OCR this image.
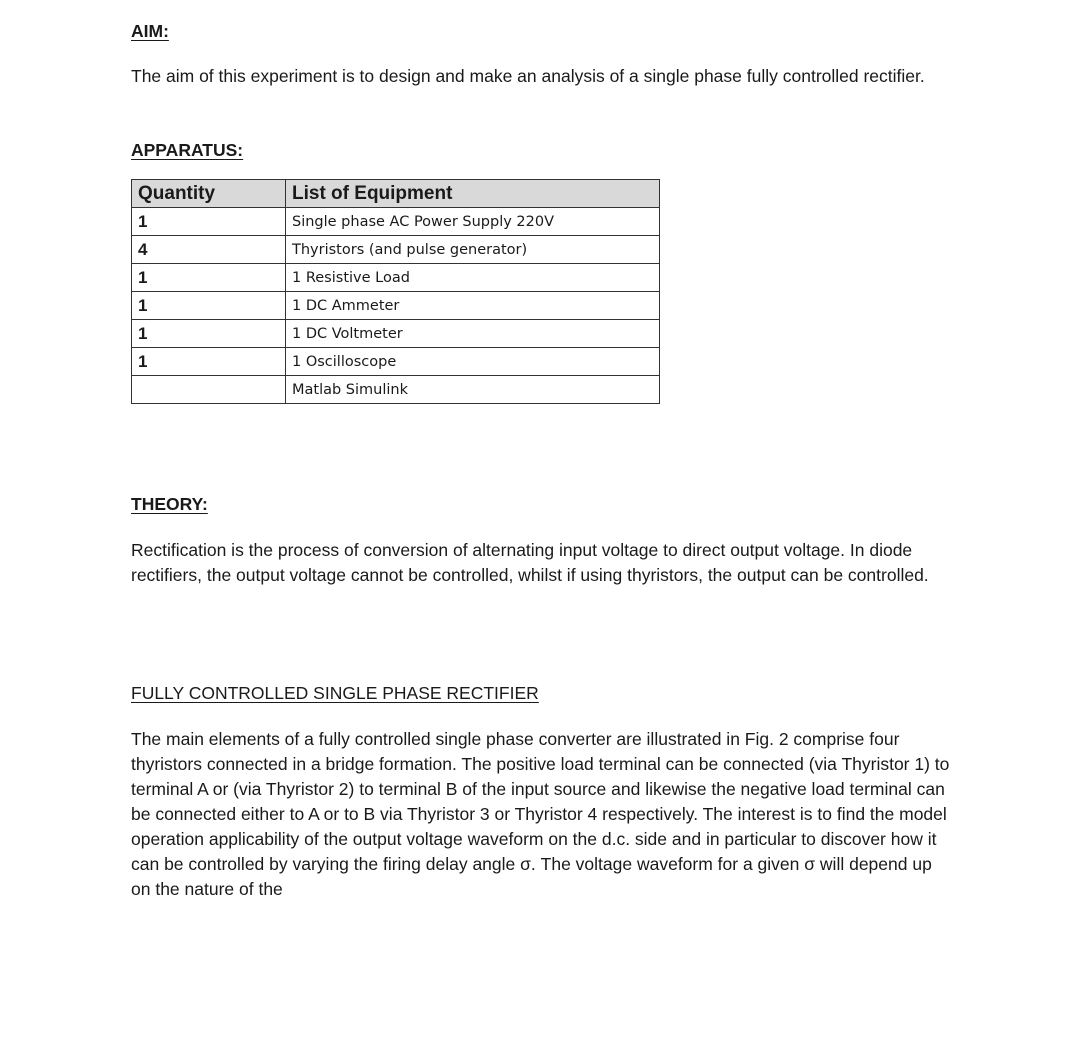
AIM:

The aim of this experiment is to design and make an analysis of a single phase fully controlled rectifier.

APPARATUS:
Quantity	List of Equipment
1	Single phase AC Power Supply 220V
4	Thyristors (and pulse generator)
1	1 Resistive Load
1	1 DC Ammeter
1	1 DC Voltmeter
1	1 Oscilloscope
	Matlab Simulink
THEORY:

Rectification is the process of conversion of alternating input voltage to direct output voltage. In diode rectifiers, the output voltage cannot be controlled, whilst if using thyristors, the output can be controlled.

FULLY CONTROLLED SINGLE PHASE RECTIFIER

The main elements of a fully controlled single phase converter are illustrated in Fig. 2 comprise four thyristors connected in a bridge formation. The positive load terminal can be connected (via Thyristor 1) to terminal A or (via Thyristor 2) to terminal B of the input source and likewise the negative load terminal can be connected either to A or to B via Thyristor 3 or Thyristor 4 respectively. The interest is to find the model operation applicability of the output voltage waveform on the d.c. side and in particular to discover how it can be controlled by varying the firing delay angle σ. The voltage waveform for a given σ will depend up on the nature of the
